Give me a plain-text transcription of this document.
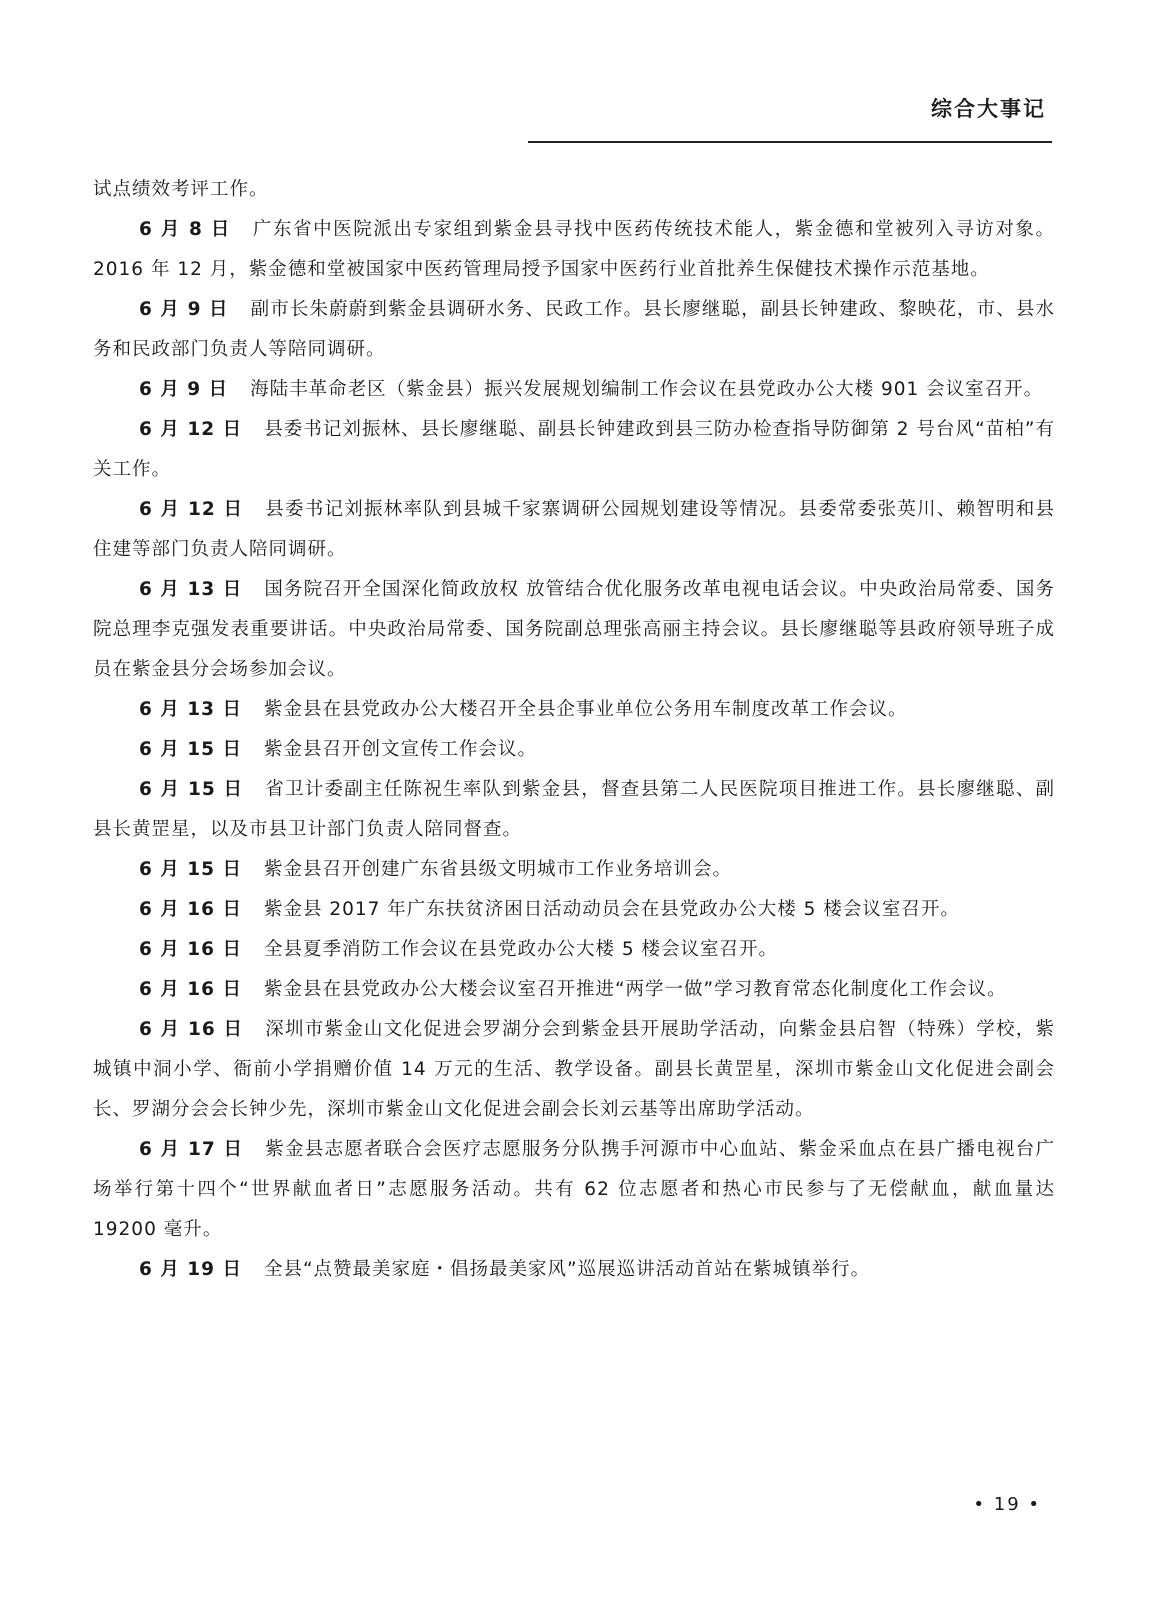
综合大事记

试点绩效考评工作。

6 月 8 日 广东省中医院派出专家组到紫金县寻找中医药传统技术能人，紫金德和堂被列入寻访对象。2016 年 12 月，紫金德和堂被国家中医药管理局授予国家中医药行业首批养生保健技术操作示范基地。

6 月 9 日 副市长朱蔚蔚到紫金县调研水务、民政工作。县长廖继聪，副县长钟建政、黎映花，市、县水务和民政部门负责人等陪同调研。

6 月 9 日 海陆丰革命老区（紫金县）振兴发展规划编制工作会议在县党政办公大楼 901 会议室召开。

6 月 12 日 县委书记刘振林、县长廖继聪、副县长钟建政到县三防办检查指导防御第 2 号台风“苗柏”有关工作。

6 月 12 日 县委书记刘振林率队到县城千家寨调研公园规划建设等情况。县委常委张英川、赖智明和县住建等部门负责人陪同调研。

6 月 13 日 国务院召开全国深化简政放权 放管结合优化服务改革电视电话会议。中央政治局常委、国务院总理李克强发表重要讲话。中央政治局常委、国务院副总理张高丽主持会议。县长廖继聪等县政府领导班子成员在紫金县分会场参加会议。

6 月 13 日 紫金县在县党政办公大楼召开全县企事业单位公务用车制度改革工作会议。

6 月 15 日 紫金县召开创文宣传工作会议。

6 月 15 日 省卫计委副主任陈祝生率队到紫金县，督查县第二人民医院项目推进工作。县长廖继聪、副县长黄罡星，以及市县卫计部门负责人陪同督查。

6 月 15 日 紫金县召开创建广东省县级文明城市工作业务培训会。

6 月 16 日 紫金县 2017 年广东扶贫济困日活动动员会在县党政办公大楼 5 楼会议室召开。

6 月 16 日 全县夏季消防工作会议在县党政办公大楼 5 楼会议室召开。

6 月 16 日 紫金县在县党政办公大楼会议室召开推进“两学一做”学习教育常态化制度化工作会议。

6 月 16 日 深圳市紫金山文化促进会罗湖分会到紫金县开展助学活动，向紫金县启智（特殊）学校，紫城镇中洞小学、衙前小学捐赠价值 14 万元的生活、教学设备。副县长黄罡星，深圳市紫金山文化促进会副会长、罗湖分会会长钟少先，深圳市紫金山文化促进会副会长刘云基等出席助学活动。

6 月 17 日 紫金县志愿者联合会医疗志愿服务分队携手河源市中心血站、紫金采血点在县广播电视台广场举行第十四个“世界献血者日”志愿服务活动。共有 62 位志愿者和热心市民参与了无偿献血，献血量达 19200 毫升。

6 月 19 日 全县“点赞最美家庭・倡扬最美家风”巡展巡讲活动首站在紫城镇举行。

• 19 •
